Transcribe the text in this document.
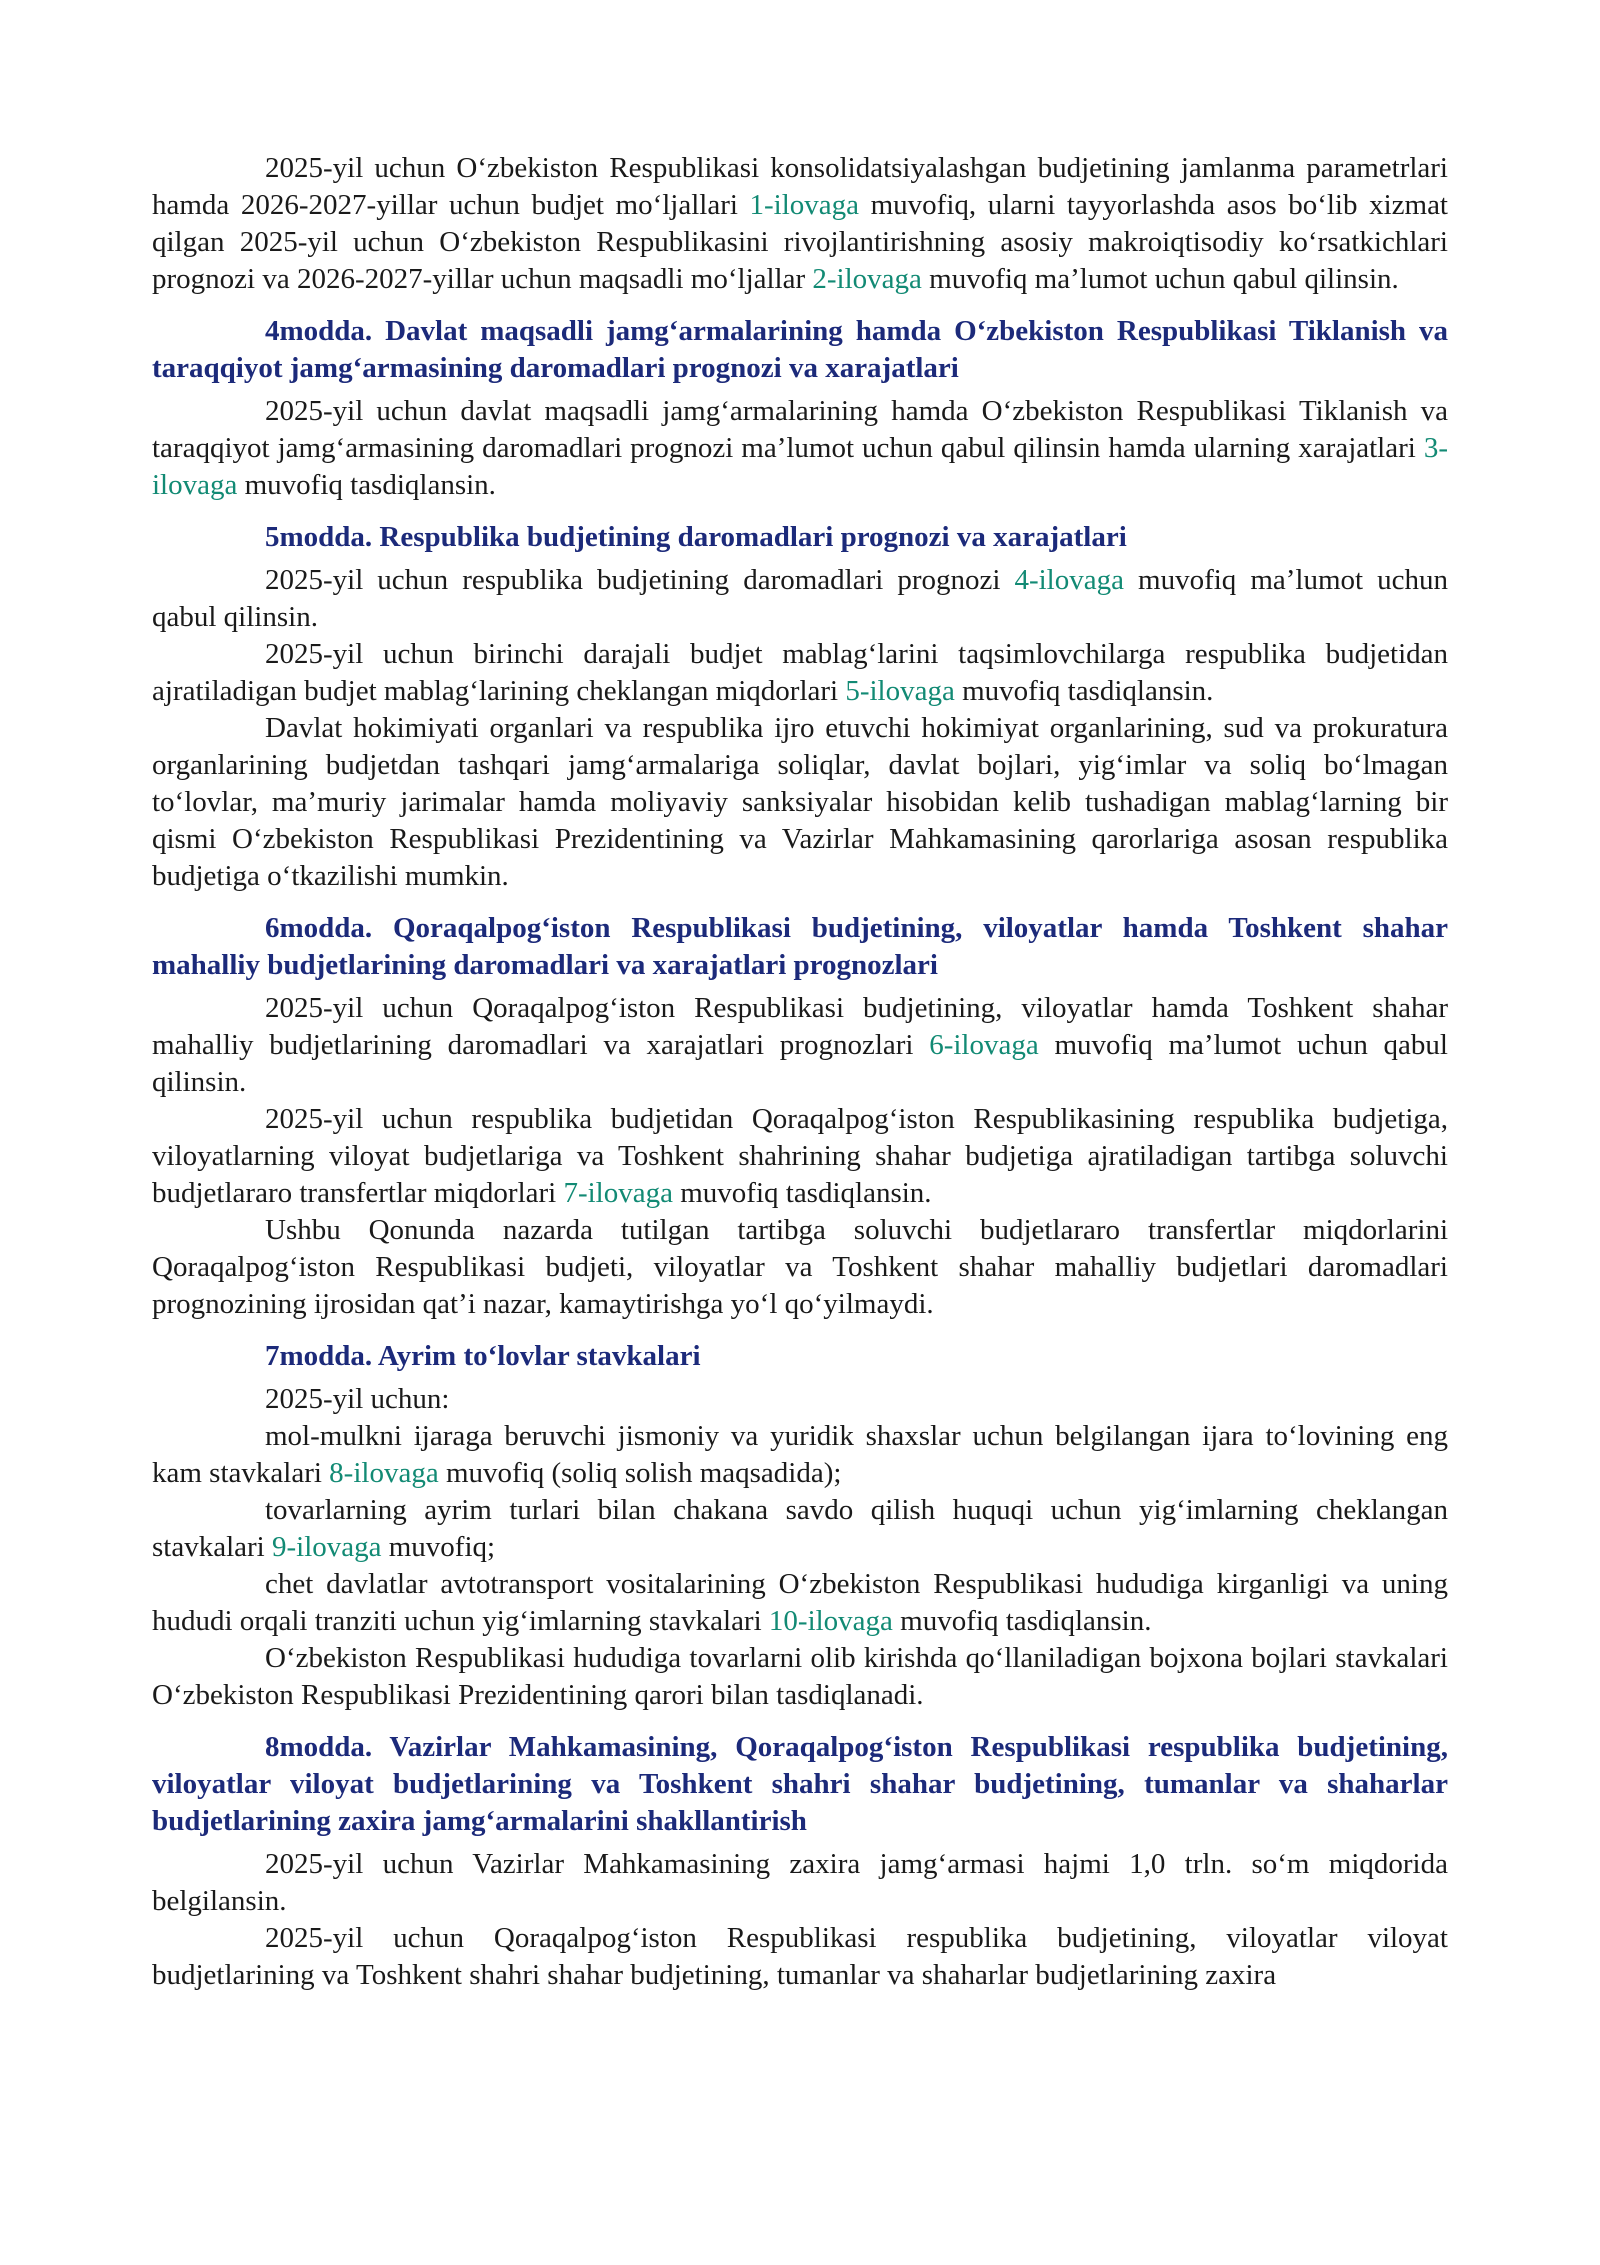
2025-yil uchun O‘zbekiston Respublikasi konsolidatsiyalashgan budjetining jamlanma parametrlari hamda 2026-2027-yillar uchun budjet mo‘ljallari 1-ilovaga muvofiq, ularni tayyorlashda asos bo‘lib xizmat qilgan 2025-yil uchun O‘zbekiston Respublikasini rivojlantirishning asosiy makroiqtisodiy ko‘rsatkichlari prognozi va 2026-2027-yillar uchun maqsadli mo‘ljallar 2-ilovaga muvofiq ma’lumot uchun qabul qilinsin.

4modda. Davlat maqsadli jamg‘armalarining hamda O‘zbekiston Respublikasi Tiklanish va taraqqiyot jamg‘armasining daromadlari prognozi va xarajatlari

2025-yil uchun davlat maqsadli jamg‘armalarining hamda O‘zbekiston Respublikasi Tiklanish va taraqqiyot jamg‘armasining daromadlari prognozi ma’lumot uchun qabul qilinsin hamda ularning xarajatlari 3-ilovaga muvofiq tasdiqlansin.

5modda. Respublika budjetining daromadlari prognozi va xarajatlari

2025-yil uchun respublika budjetining daromadlari prognozi 4-ilovaga muvofiq ma’lumot uchun qabul qilinsin.

2025-yil uchun birinchi darajali budjet mablag‘larini taqsimlovchilarga respublika budjetidan ajratiladigan budjet mablag‘larining cheklangan miqdorlari 5-ilovaga muvofiq tasdiqlansin.

Davlat hokimiyati organlari va respublika ijro etuvchi hokimiyat organlarining, sud va prokuratura organlarining budjetdan tashqari jamg‘armalariga soliqlar, davlat bojlari, yig‘imlar va soliq bo‘lmagan to‘lovlar, ma’muriy jarimalar hamda moliyaviy sanksiyalar hisobidan kelib tushadigan mablag‘larning bir qismi O‘zbekiston Respublikasi Prezidentining va Vazirlar Mahkamasining qarorlariga asosan respublika budjetiga o‘tkazilishi mumkin.

6modda. Qoraqalpog‘iston Respublikasi budjetining, viloyatlar hamda Toshkent shahar mahalliy budjetlarining daromadlari va xarajatlari prognozlari

2025-yil uchun Qoraqalpog‘iston Respublikasi budjetining, viloyatlar hamda Toshkent shahar mahalliy budjetlarining daromadlari va xarajatlari prognozlari 6-ilovaga muvofiq ma’lumot uchun qabul qilinsin.

2025-yil uchun respublika budjetidan Qoraqalpog‘iston Respublikasining respublika budjetiga, viloyatlarning viloyat budjetlariga va Toshkent shahrining shahar budjetiga ajratiladigan tartibga soluvchi budjetlararo transfertlar miqdorlari 7-ilovaga muvofiq tasdiqlansin.

Ushbu Qonunda nazarda tutilgan tartibga soluvchi budjetlararo transfertlar miqdorlarini Qoraqalpog‘iston Respublikasi budjeti, viloyatlar va Toshkent shahar mahalliy budjetlari daromadlari prognozining ijrosidan qat’i nazar, kamaytirishga yo‘l qo‘yilmaydi.

7modda. Ayrim to‘lovlar stavkalari

2025-yil uchun:

mol-mulkni ijaraga beruvchi jismoniy va yuridik shaxslar uchun belgilangan ijara to‘lovining eng kam stavkalari 8-ilovaga muvofiq (soliq solish maqsadida);

tovarlarning ayrim turlari bilan chakana savdo qilish huquqi uchun yig‘imlarning cheklangan stavkalari 9-ilovaga muvofiq;

chet davlatlar avtotransport vositalarining O‘zbekiston Respublikasi hududiga kirganligi va uning hududi orqali tranziti uchun yig‘imlarning stavkalari 10-ilovaga muvofiq tasdiqlansin.

O‘zbekiston Respublikasi hududiga tovarlarni olib kirishda qo‘llaniladigan bojxona bojlari stavkalari O‘zbekiston Respublikasi Prezidentining qarori bilan tasdiqlanadi.

8modda. Vazirlar Mahkamasining, Qoraqalpog‘iston Respublikasi respublika budjetining, viloyatlar viloyat budjetlarining va Toshkent shahri shahar budjetining, tumanlar va shaharlar budjetlarining zaxira jamg‘armalarini shakllantirish

2025-yil uchun Vazirlar Mahkamasining zaxira jamg‘armasi hajmi 1,0 trln. so‘m miqdorida belgilansin.

2025-yil uchun Qoraqalpog‘iston Respublikasi respublika budjetining, viloyatlar viloyat budjetlarining va Toshkent shahri shahar budjetining, tumanlar va shaharlar budjetlarining zaxira
